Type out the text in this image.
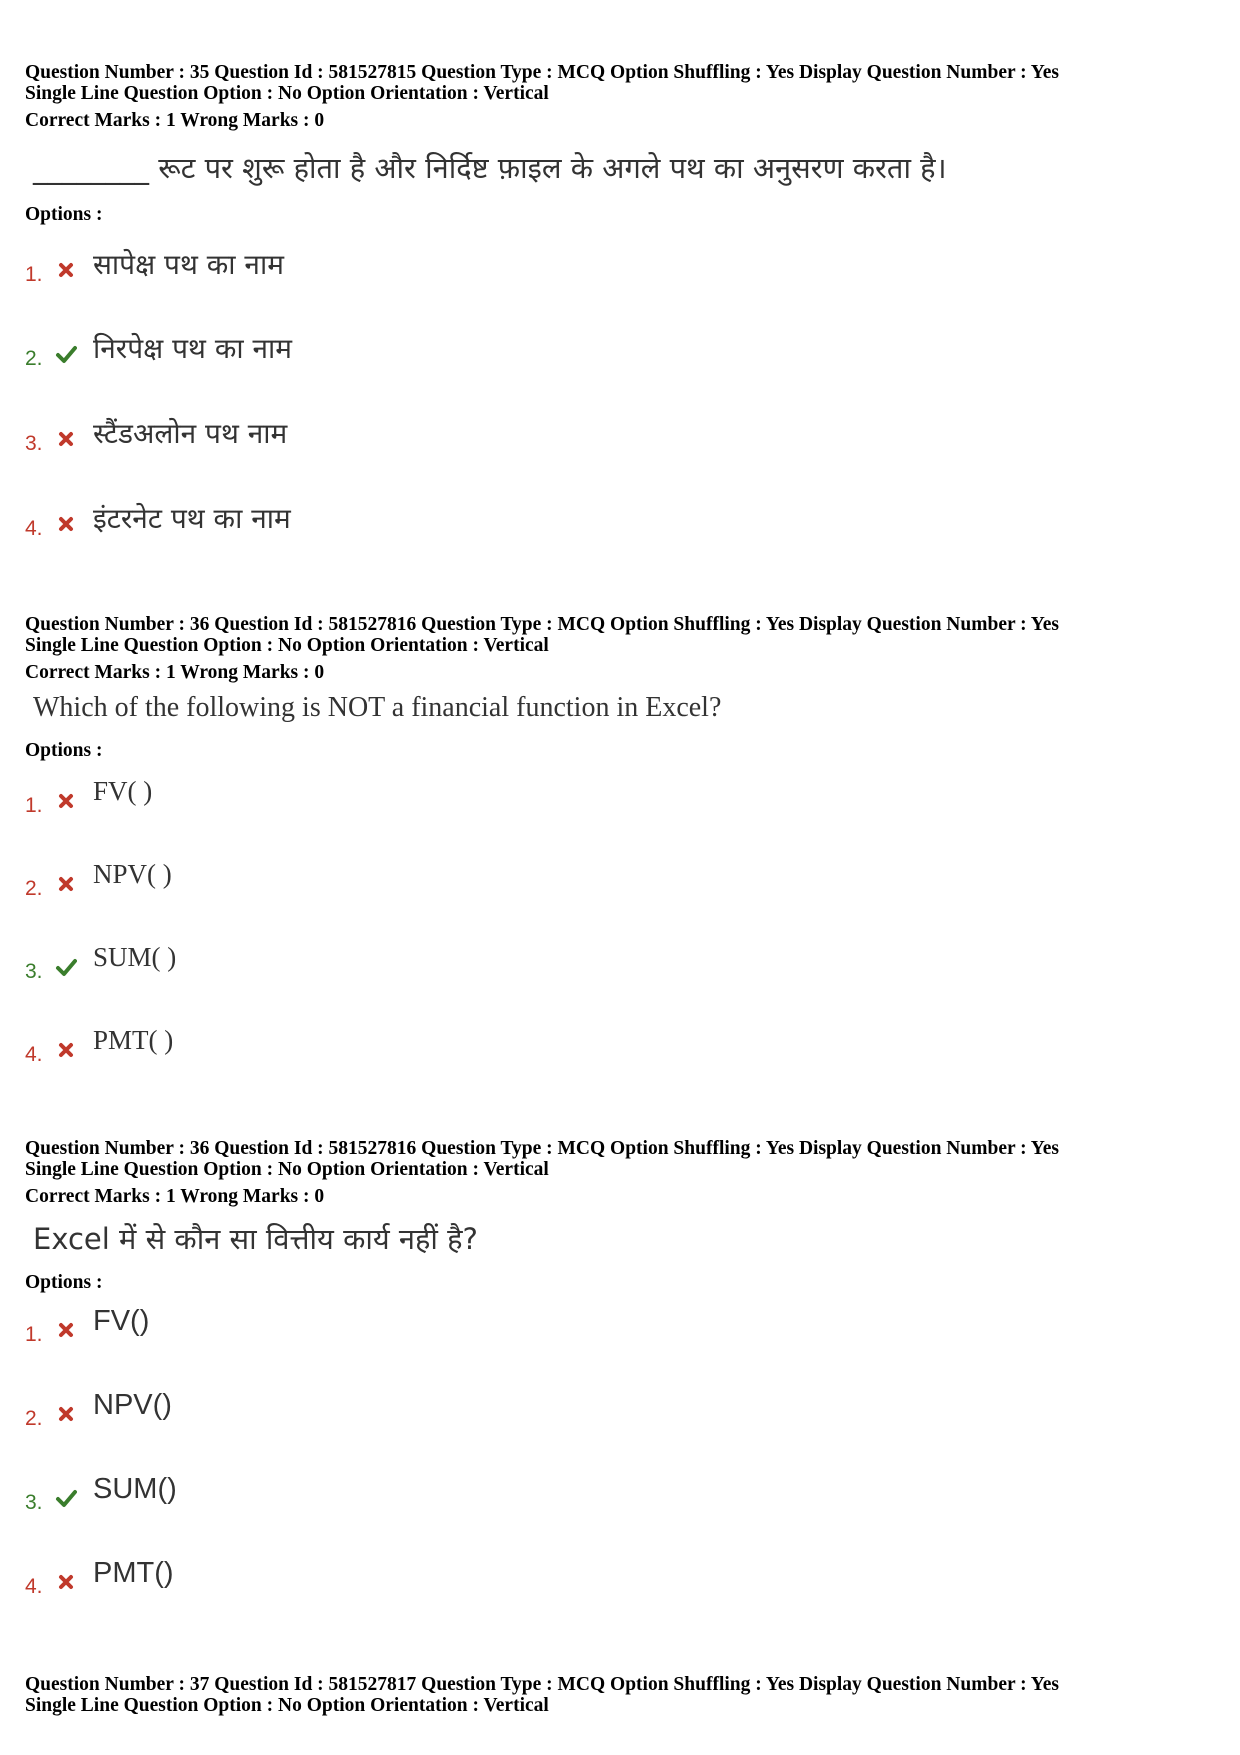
Question Number : 35 Question Id : 581527815 Question Type : MCQ Option Shuffling : Yes Display Question Number : Yes
Single Line Question Option : No Option Orientation : Vertical
Correct Marks : 1 Wrong Marks : 0
________ रूट पर शुरू होता है और निर्दिष्ट फ़ाइल के अगले पथ का अनुसरण करता है।
Options :
1. सापेक्ष पथ का नाम
2. निरपेक्ष पथ का नाम
3. स्टैंडअलोन पथ नाम
4. इंटरनेट पथ का नाम
Question Number : 36 Question Id : 581527816 Question Type : MCQ Option Shuffling : Yes Display Question Number : Yes
Single Line Question Option : No Option Orientation : Vertical
Correct Marks : 1 Wrong Marks : 0
Which of the following is NOT a financial function in Excel?
Options :
1. FV( )
2. NPV( )
3. SUM( )
4. PMT( )
Question Number : 36 Question Id : 581527816 Question Type : MCQ Option Shuffling : Yes Display Question Number : Yes
Single Line Question Option : No Option Orientation : Vertical
Correct Marks : 1 Wrong Marks : 0
Excel में से कौन सा वित्तीय कार्य नहीं है?
Options :
1. FV()
2. NPV()
3. SUM()
4. PMT()
Question Number : 37 Question Id : 581527817 Question Type : MCQ Option Shuffling : Yes Display Question Number : Yes
Single Line Question Option : No Option Orientation : Vertical
